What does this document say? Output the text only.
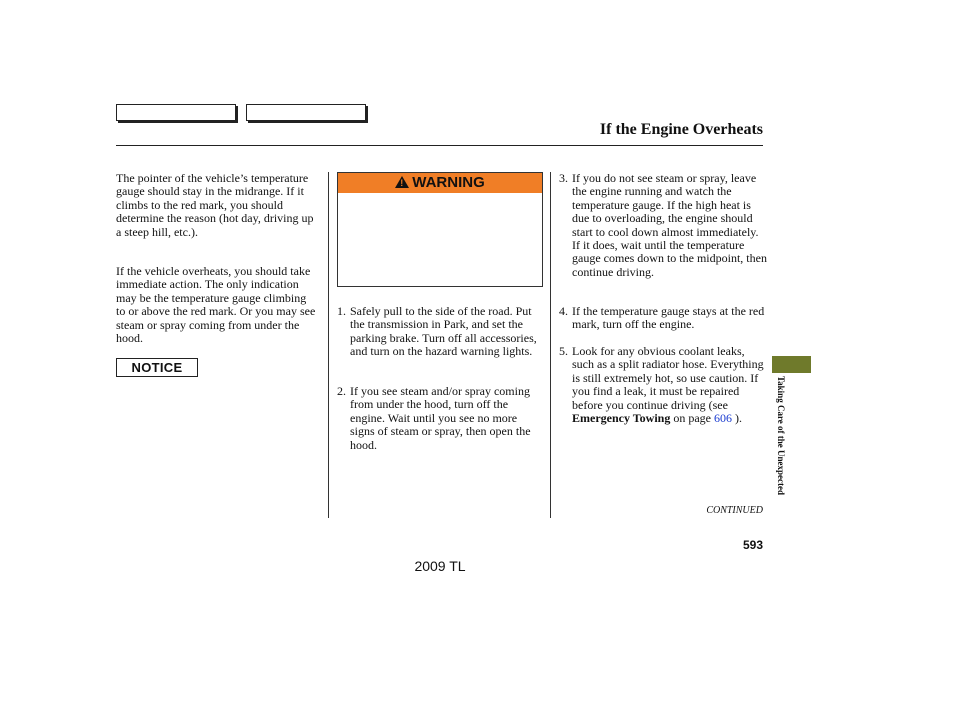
If the Engine Overheats
The pointer of the vehicle’s temperature gauge should stay in the midrange. If it climbs to the red mark, you should determine the reason (hot day, driving up a steep hill, etc.).
If the vehicle overheats, you should take immediate action. The only indication may be the temperature gauge climbing to or above the red mark. Or you may see steam or spray coming from under the hood.
NOTICE
! WARNING
1. Safely pull to the side of the road. Put the transmission in Park, and set the parking brake. Turn off all accessories, and turn on the hazard warning lights.
2. If you see steam and/or spray coming from under the hood, turn off the engine. Wait until you see no more signs of steam or spray, then open the hood.
3. If you do not see steam or spray, leave the engine running and watch the temperature gauge. If the high heat is due to overloading, the engine should start to cool down almost immediately. If it does, wait until the temperature gauge comes down to the midpoint, then continue driving.
4. If the temperature gauge stays at the red mark, turn off the engine.
5. Look for any obvious coolant leaks, such as a split radiator hose. Everything is still extremely hot, so use caution. If you find a leak, it must be repaired before you continue driving (see Emergency Towing on page 606 ).	Taking Care of the Unexpected
CONTINUED
593
2009 TL
